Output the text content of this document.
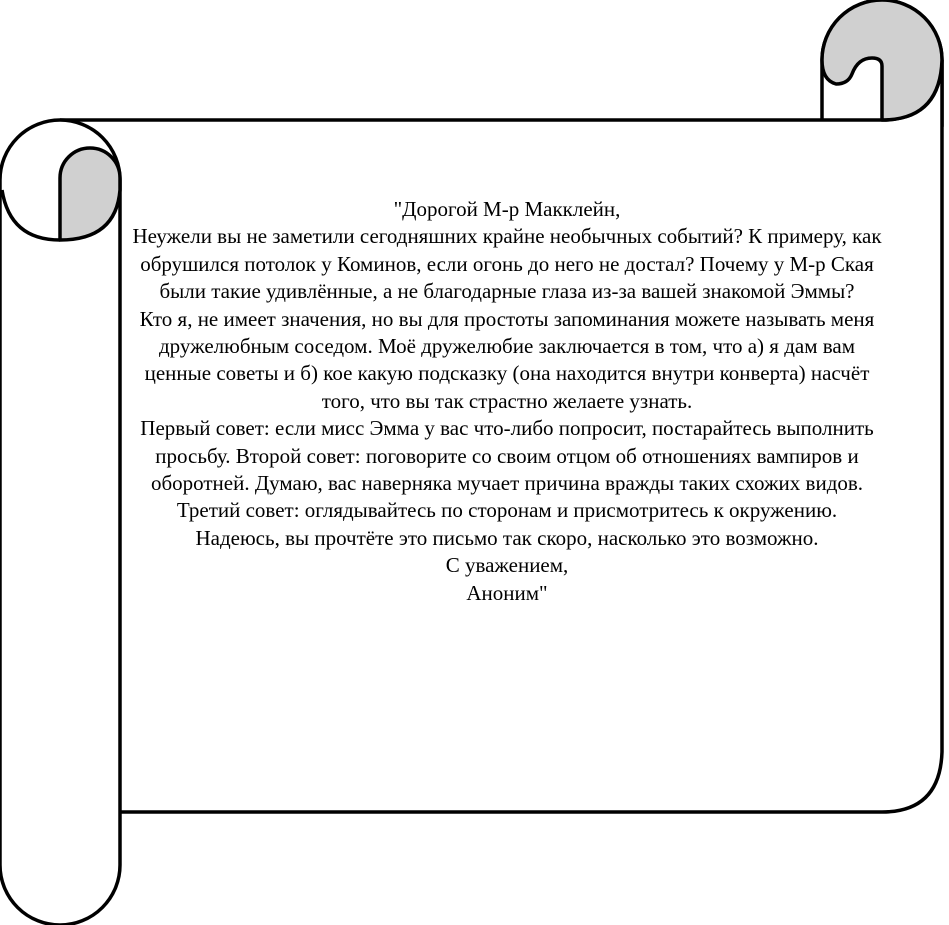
"Дорогой М-р Макклейн,

Неужели вы не заметили сегодняшних крайне необычных событий? К примеру, как обрушился потолок у Коминов, если огонь до него не достал? Почему у М-р Ская были такие удивлённые, а не благодарные глаза из-за вашей знакомой Эммы?

Кто я, не имеет значения, но вы для простоты запоминания можете называть меня дружелюбным соседом. Моё дружелюбие заключается в том, что а) я дам вам ценные советы и б) кое какую подсказку (она находится внутри конверта) насчёт того, что вы так страстно желаете узнать.

Первый совет: если мисс Эмма у вас что-либо попросит, постарайтесь выполнить просьбу. Второй совет: поговорите со своим отцом об отношениях вампиров и оборотней. Думаю, вас наверняка мучает причина вражды таких схожих видов.

Третий совет: оглядывайтесь по сторонам и присмотритесь к окружению.

Надеюсь, вы прочтёте это письмо так скоро, насколько это возможно.

С уважением,

Аноним"
